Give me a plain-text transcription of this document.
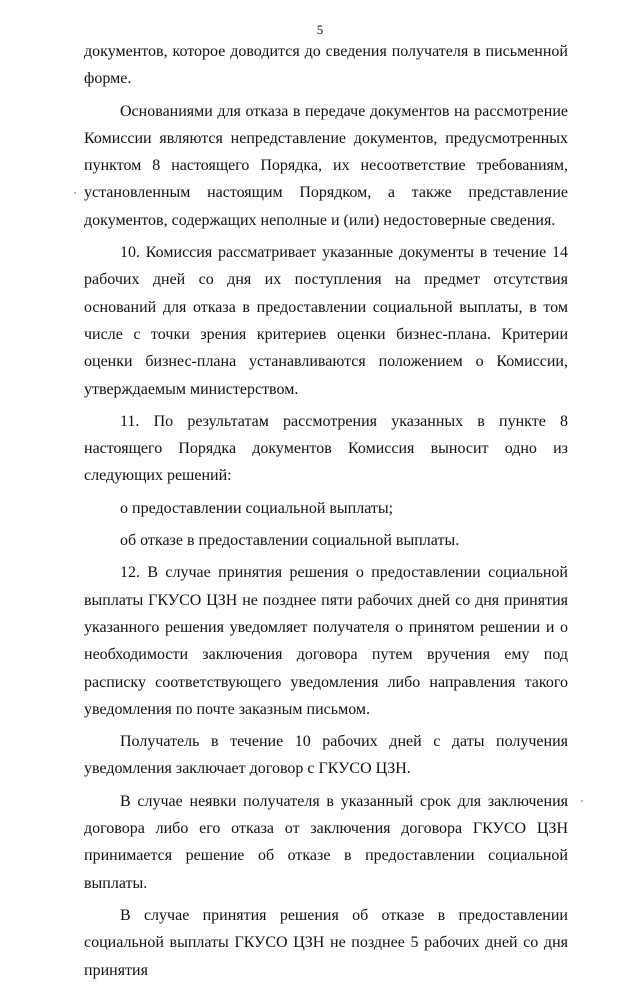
5

документов, которое доводится до сведения получателя в письменной форме.

Основаниями для отказа в передаче документов на рассмотрение Комиссии являются непредставление документов, предусмотренных пунктом 8 настоящего Порядка, их несоответствие требованиям, установленным настоящим Порядком, а также представление документов, содержащих неполные и (или) недостоверные сведения.

10. Комиссия рассматривает указанные документы в течение 14 рабочих дней со дня их поступления на предмет отсутствия оснований для отказа в предоставлении социальной выплаты, в том числе с точки зрения критериев оценки бизнес-плана. Критерии оценки бизнес-плана устанавливаются положением о Комиссии, утверждаемым министерством.

11. По результатам рассмотрения указанных в пункте 8 настоящего Порядка документов Комиссия выносит одно из следующих решений:

о предоставлении социальной выплаты;

об отказе в предоставлении социальной выплаты.

12. В случае принятия решения о предоставлении социальной выплаты ГКУСО ЦЗН не позднее пяти рабочих дней со дня принятия указанного решения уведомляет получателя о принятом решении и о необходимости заключения договора путем вручения ему под расписку соответствующего уведомления либо направления такого уведомления по почте заказным письмом.

Получатель в течение 10 рабочих дней с даты получения уведомления заключает договор с ГКУСО ЦЗН.

В случае неявки получателя в указанный срок для заключения договора либо его отказа от заключения договора ГКУСО ЦЗН принимается решение об отказе в предоставлении социальной выплаты.

В случае принятия решения об отказе в предоставлении социальной выплаты ГКУСО ЦЗН не позднее 5 рабочих дней со дня принятия
